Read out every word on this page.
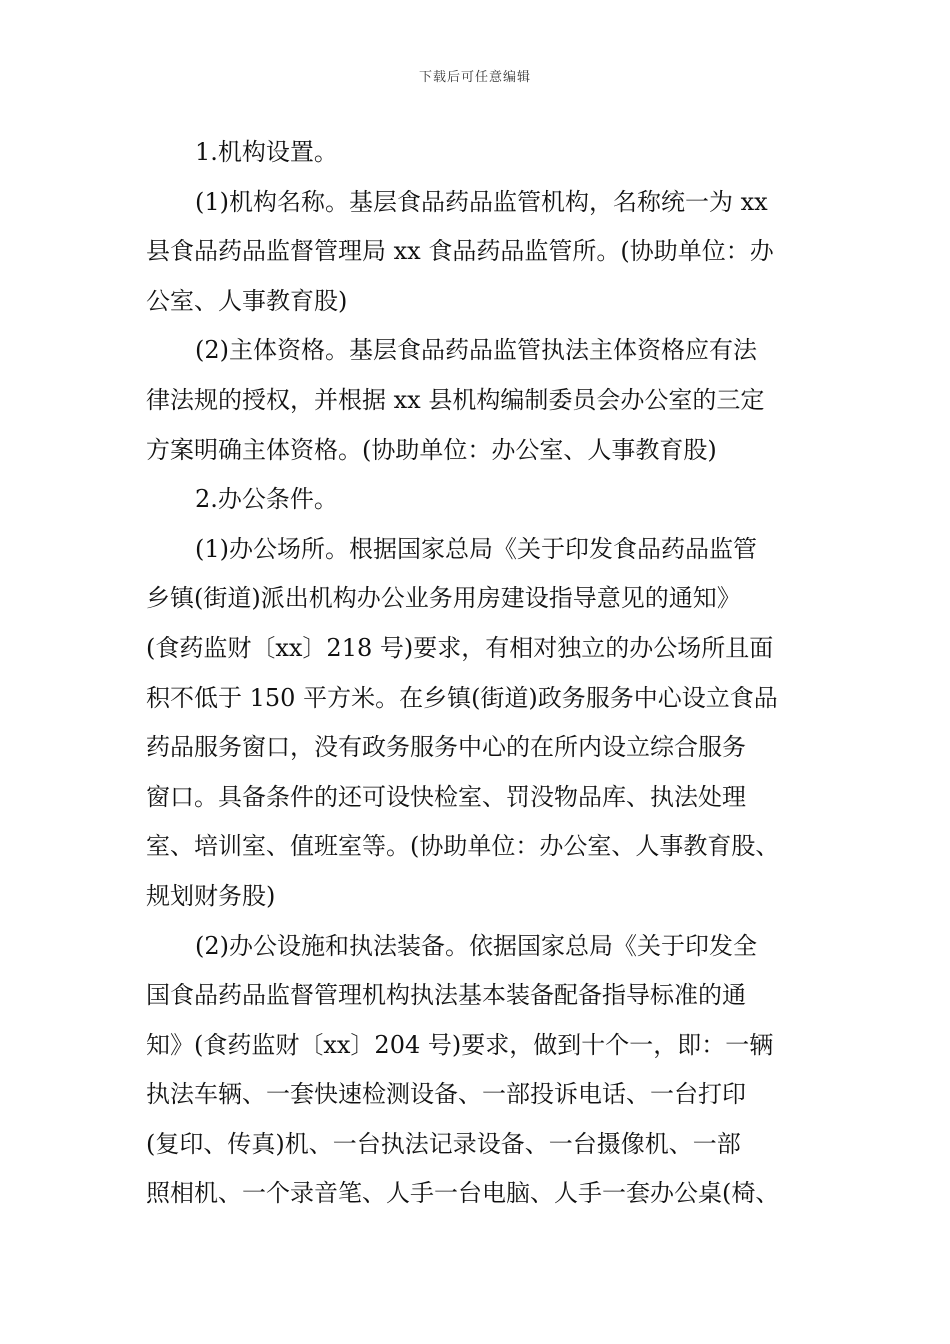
下载后可任意编辑
1.机构设置。
(1)机构名称。基层食品药品监管机构，名称统一为 xx
县食品药品监督管理局 xx 食品药品监管所。(协助单位：办
公室、人事教育股)
(2)主体资格。基层食品药品监管执法主体资格应有法
律法规的授权，并根据 xx 县机构编制委员会办公室的三定
方案明确主体资格。(协助单位：办公室、人事教育股)
2.办公条件。
(1)办公场所。根据国家总局《关于印发食品药品监管
乡镇(街道)派出机构办公业务用房建设指导意见的通知》
(食药监财〔xx〕218 号)要求，有相对独立的办公场所且面
积不低于 150 平方米。在乡镇(街道)政务服务中心设立食品
药品服务窗口，没有政务服务中心的在所内设立综合服务
窗口。具备条件的还可设快检室、罚没物品库、执法处理
室、培训室、值班室等。(协助单位：办公室、人事教育股、
规划财务股)
(2)办公设施和执法装备。依据国家总局《关于印发全
国食品药品监督管理机构执法基本装备配备指导标准的通
知》(食药监财〔xx〕204 号)要求，做到十个一，即：一辆
执法车辆、一套快速检测设备、一部投诉电话、一台打印
(复印、传真)机、一台执法记录设备、一台摄像机、一部
照相机、一个录音笔、人手一台电脑、人手一套办公桌(椅、
